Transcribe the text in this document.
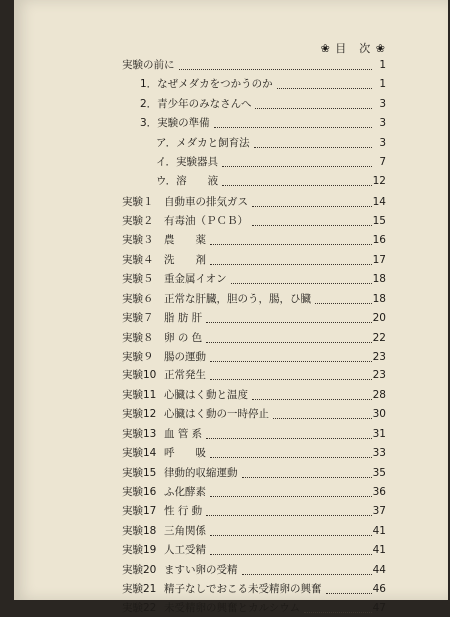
❀ 目　次 ❀
実験の前に	1
1．なぜメダカをつかうのか	1
2．青少年のみなさんへ	3
3．実験の準備	3
ア．メダカと飼育法	3
イ．実験器具	7
ウ．溶　　液	12
実験１ 自動車の排気ガス	14
実験２ 有毒油（ＰＣＢ）	15
実験３ 農　　薬	16
実験４ 洗　　剤	17
実験５ 重金属イオン	18
実験６ 正常な肝臓，胆のう，腸，ひ臓	18
実験７ 脂 肪 肝	20
実験８ 卵 の 色	22
実験９ 腸の運動	23
実験10 正常発生	23
実験11 心臓はく動と温度	28
実験12 心臓はく動の一時停止	30
実験13 血 管 系	31
実験14 呼　　吸	33
実験15 律動的収縮運動	35
実験16 ふ化酵素	36
実験17 性 行 動	37
実験18 三角関係	41
実験19 人工受精	41
実験20 ますい卵の受精	44
実験21 精子なしでおこる未受精卵の興奮	46
実験22 未受精卵の興奮とカルシウム	47
